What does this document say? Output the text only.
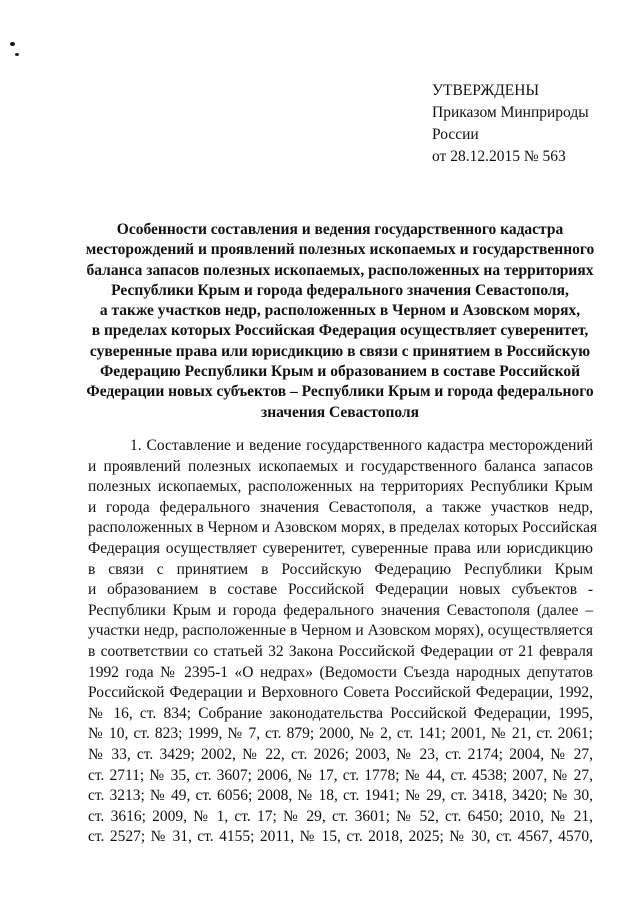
УТВЕРЖДЕНЫ
Приказом Минприроды
России
от 28.12.2015 № 563
Особенности составления и ведения государственного кадастра
месторождений и проявлений полезных ископаемых и государственного
баланса запасов полезных ископаемых, расположенных на территориях
Республики Крым и города федерального значения Севастополя,
а также участков недр, расположенных в Черном и Азовском морях,
в пределах которых Российская Федерация осуществляет суверенитет,
суверенные права или юрисдикцию в связи с принятием в Российскую
Федерацию Республики Крым и образованием в составе Российской
Федерации новых субъектов – Республики Крым и города федерального
значения Севастополя
1. Составление и ведение государственного кадастра месторождений
и проявлений полезных ископаемых и государственного баланса запасов
полезных ископаемых, расположенных на территориях Республики Крым
и города федерального значения Севастополя, а также участков недр,
расположенных в Черном и Азовском морях, в пределах которых Российская
Федерация осуществляет суверенитет, суверенные права или юрисдикцию
в связи с принятием в Российскую Федерацию Республики Крым
и образованием в составе Российской Федерации новых субъектов -
Республики Крым и города федерального значения Севастополя (далее –
участки недр, расположенные в Черном и Азовском морях), осуществляется
в соответствии со статьей 32 Закона Российской Федерации от 21 февраля
1992 года № 2395-1 «О недрах» (Ведомости Съезда народных депутатов
Российской Федерации и Верховного Совета Российской Федерации, 1992,
№ 16, ст. 834; Собрание законодательства Российской Федерации, 1995,
№ 10, ст. 823; 1999, № 7, ст. 879; 2000, № 2, ст. 141; 2001, № 21, ст. 2061;
№ 33, ст. 3429; 2002, № 22, ст. 2026; 2003, № 23, ст. 2174; 2004, № 27,
ст. 2711; № 35, ст. 3607; 2006, № 17, ст. 1778; № 44, ст. 4538; 2007, № 27,
ст. 3213; № 49, ст. 6056; 2008, № 18, ст. 1941; № 29, ст. 3418, 3420; № 30,
ст. 3616; 2009, № 1, ст. 17; № 29, ст. 3601; № 52, ст. 6450; 2010, № 21,
ст. 2527; № 31, ст. 4155; 2011, № 15, ст. 2018, 2025; № 30, ст. 4567, 4570,
